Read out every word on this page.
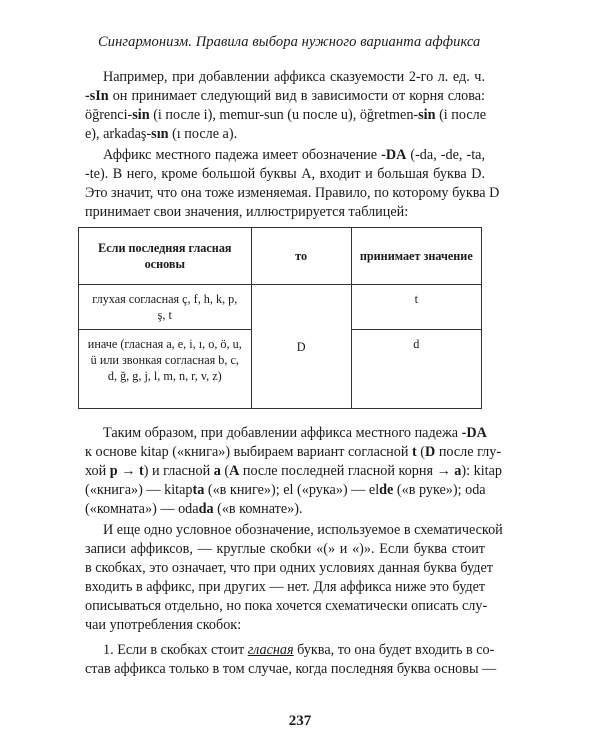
Сингармонизм. Правила выбора нужного варианта аффикса
Например, при добавлении аффикса сказуемости 2-го л. ед. ч.
-sIn он принимает следующий вид в зависимости от корня слова:
öğrenci-sin (i после i), memur-sun (u после u), öğretmen-sin (i после
e), arkadaş-sın (ı после a).
Аффикс местного падежа имеет обозначение -DA (-da, -de, -ta,
-te). В него, кроме большой буквы А, входит и большая буква D.
Это значит, что она тоже изменяемая. Правило, по которому буква D
принимает свои значения, иллюстрируется таблицей:
Если последняя гласная основы	то	принимает значение
глухая согласная ç, f, h, k, p, ş, t	D	t
иначе (гласная a, e, i, ı, o, ö, u, ü или звонкая согласная b, c, d, ğ, g, j, l, m, n, r, v, z)		d
Таким образом, при добавлении аффикса местного падежа -DA
к основе kitap («книга») выбираем вариант согласной t (D после глу-
хой p → t) и гласной a (A после последней гласной корня → a): kitap
(«книга») — kitapta («в книге»); el («рука») — elde («в руке»); oda
(«комната») — odada («в комнате»).
И еще одно условное обозначение, используемое в схематической
записи аффиксов, — круглые скобки «(» и «)». Если буква стоит
в скобках, это означает, что при одних условиях данная буква будет
входить в аффикс, при других — нет. Для аффикса ниже это будет
описываться отдельно, но пока хочется схематически описать слу-
чаи употребления скобок:
1. Если в скобках стоит гласная буква, то она будет входить в со-
став аффикса только в том случае, когда последняя буква основы —
237
